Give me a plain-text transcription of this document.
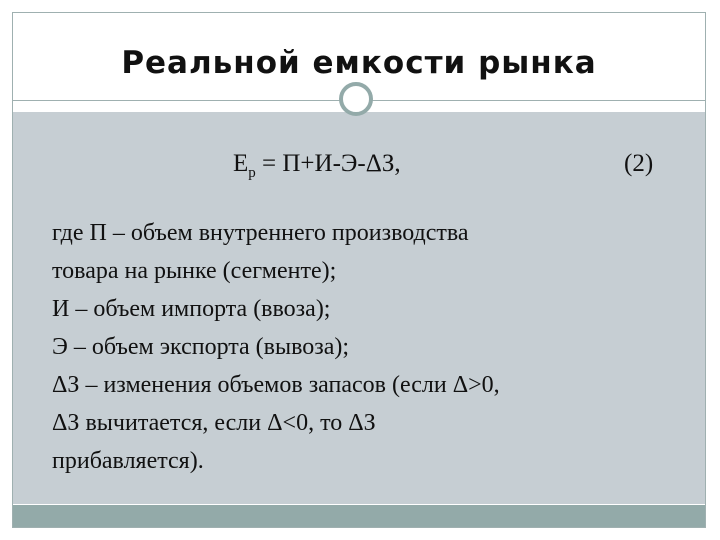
Реальной емкости рынка
$Е_р = П+И-Э-\Delta З$,	(2)
где П – объем внутреннего производства
товара на рынке (сегменте);
И – объем импорта (ввоза);
Э – объем экспорта (вывоза);
ΔЗ – изменения объемов запасов (если Δ>0,
ΔЗ вычитается, если Δ<0, то ΔЗ
прибавляется).
